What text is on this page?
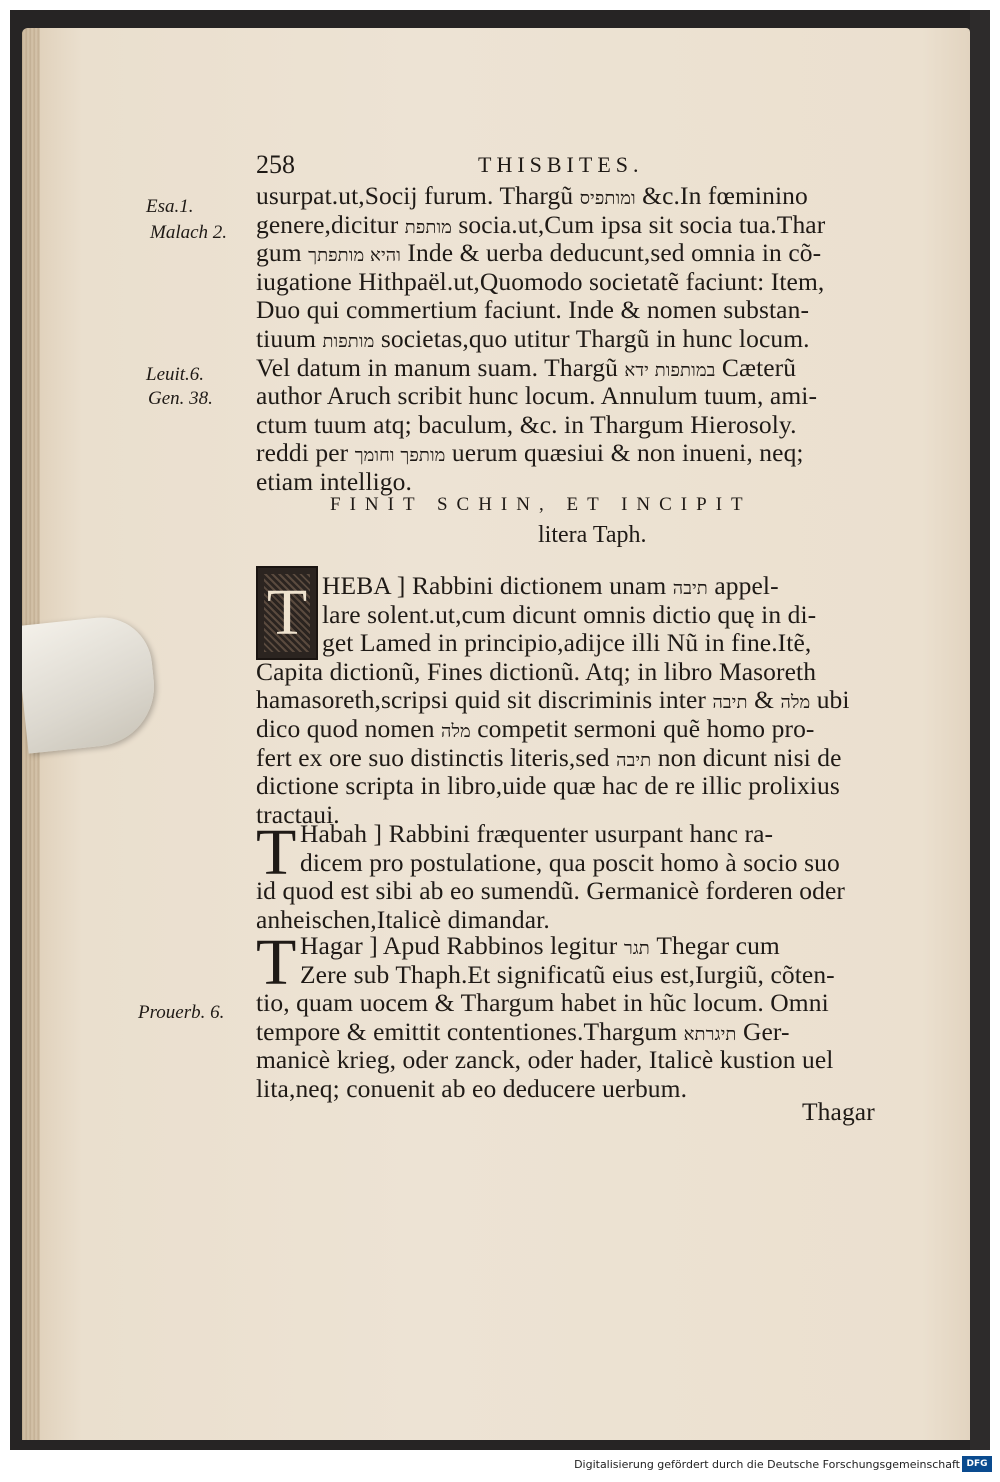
258	THISBITES.
Esa.1.
Malach 2.
Leuit.6.
Gen. 38.
Prouerb. 6.
usurpat.ut,Socij furum. Thargũ ומותפיס &c.In fœminino
genere,dicitur מותפת socia.ut,Cum ipsa sit socia tua.Thar
gum והיא מותפתך Inde & uerba deducunt,sed omnia in cõ-
iugatione Hithpaël.ut,Quomodo societatẽ faciunt: Item,
Duo qui commertium faciunt. Inde & nomen substan-
tiuum מותפות societas,quo utitur Thargũ in hunc locum.
Vel datum in manum suam. Thargũ במותפות ידא Cæterũ
author Aruch scribit hunc locum. Annulum tuum, ami-
ctum tuum atq; baculum, &c. in Thargum Hierosoly.
reddi per מותפך וחומך uerum quæsiui & non inueni, neq;
etiam intelligo.
FINIT SCHIN, ET INCIPIT
litera Taph.
T HEBA ] Rabbini dictionem unam תיבה appel-
lare solent.ut,cum dicunt omnis dictio quę in di-
get Lamed in principio,adijce illi Nũ in fine.Itẽ,
Capita dictionũ, Fines dictionũ. Atq; in libro Masoreth
hamasoreth,scripsi quid sit discriminis inter תיבה & מלה ubi
dico quod nomen מלה competit sermoni quẽ homo pro-
fert ex ore suo distinctis literis,sed תיבה non dicunt nisi de
dictione scripta in libro,uide quæ hac de re illic prolixius
tractaui.
T Habah ] Rabbini fræquenter usurpant hanc ra-
dicem pro postulatione, qua poscit homo à socio suo
id quod est sibi ab eo sumendũ. Germanicè forderen oder
anheischen,Italicè dimandar.
T Hagar ] Apud Rabbinos legitur תגר Thegar cum
Zere sub Thaph.Et significatũ eius est,Iurgiũ, cõten-
tio, quam uocem & Thargum habet in hũc locum. Omni
tempore & emittit contentiones.Thargum תיגרתא Ger-
manicè krieg, oder zanck, oder hader, Italicè kustion uel
lita,neq; conuenit ab eo deducere uerbum.
Thagar
Digitalisierung gefördert durch die Deutsche Forschungsgemeinschaft DFG
